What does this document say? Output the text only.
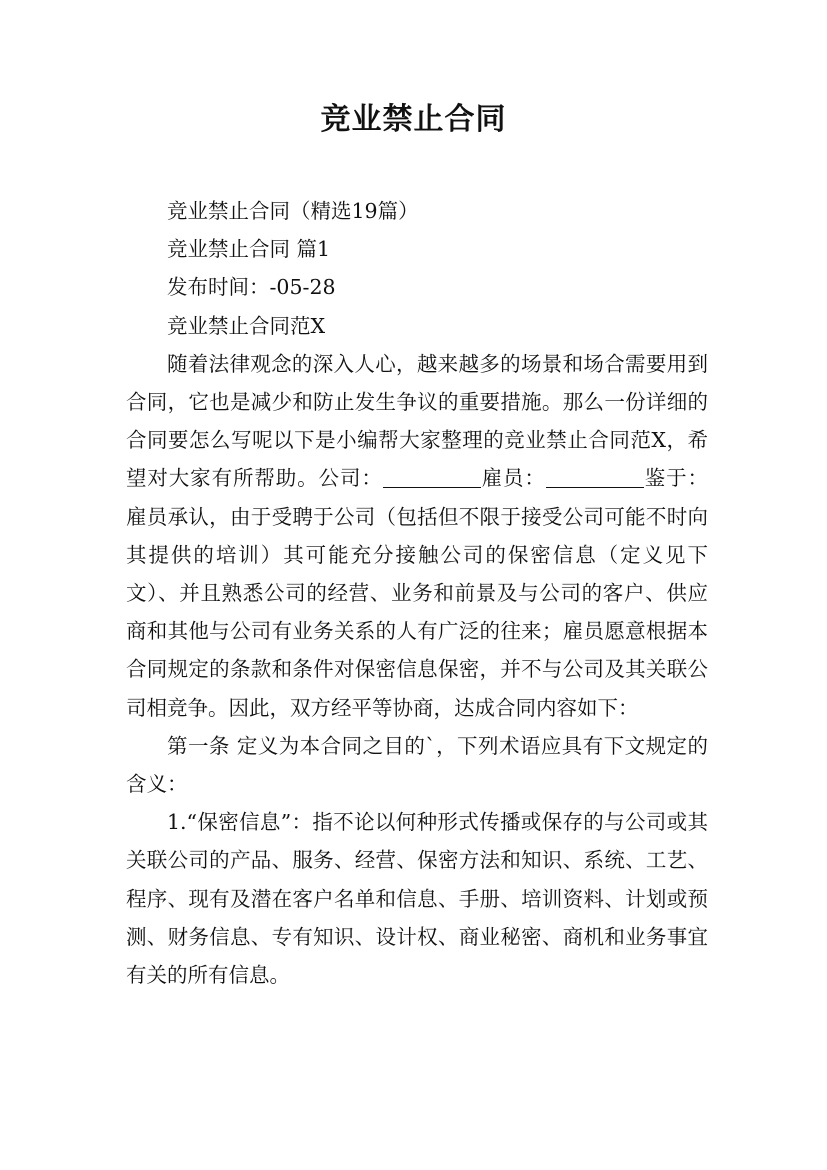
竞业禁止合同

竞业禁止合同（精选19篇）

竞业禁止合同 篇1

发布时间：-05-28

竞业禁止合同范X

随着法律观念的深入人心，越来越多的场景和场合需要用到合同，它也是减少和防止发生争议的重要措施。那么一份详细的合同要怎么写呢以下是小编帮大家整理的竞业禁止合同范X，希望对大家有所帮助。公司：	雇员：	鉴于：雇员承认，由于受聘于公司（包括但不限于接受公司可能不时向其提供的培训）其可能充分接触公司的保密信息（定义见下文）、并且熟悉公司的经营、业务和前景及与公司的客户、供应商和其他与公司有业务关系的人有广泛的往来；雇员愿意根据本合同规定的条款和条件对保密信息保密，并不与公司及其关联公司相竞争。因此，双方经平等协商，达成合同内容如下：

第一条 定义为本合同之目的`，下列术语应具有下文规定的含义：

1.“保密信息”：指不论以何种形式传播或保存的与公司或其关联公司的产品、服务、经营、保密方法和知识、系统、工艺、程序、现有及潜在客户名单和信息、手册、培训资料、计划或预测、财务信息、专有知识、设计权、商业秘密、商机和业务事宜有关的所有信息。
